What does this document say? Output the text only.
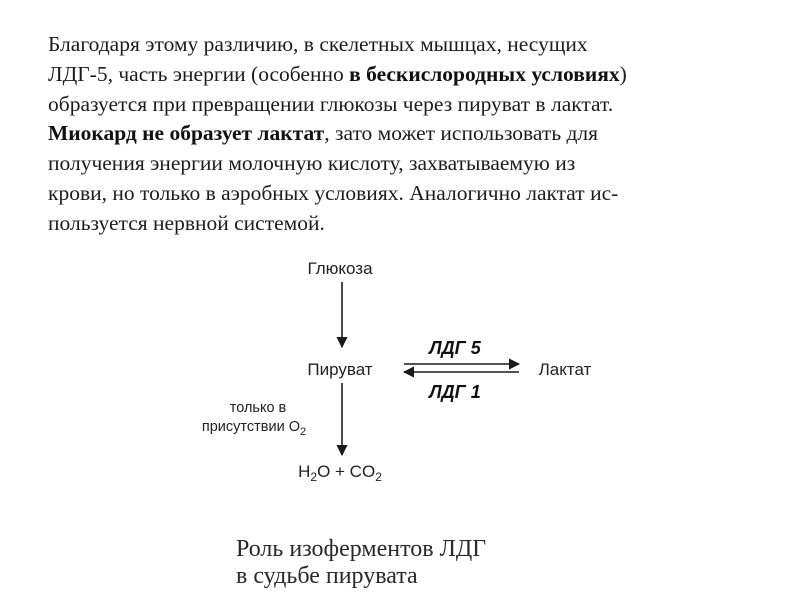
Благодаря этому различию, в скелетных мышцах, несущих
ЛДГ-5, часть энергии (особенно в бескислородных условиях)
образуется при превращении глюкозы через пируват в лактат.
Миокард не образует лактат, зато может использовать для
получения энергии молочную кислоту, захватываемую из
крови, но только в аэробных условиях. Аналогично лактат ис-
пользуется нервной системой.
Глюкоза
Пируват
ЛДГ 5
ЛДГ 1
Лактат
только в
присутствии $O_2$
$H_2O + CO_2$
Роль изоферментов ЛДГ
в судьбе пирувата
